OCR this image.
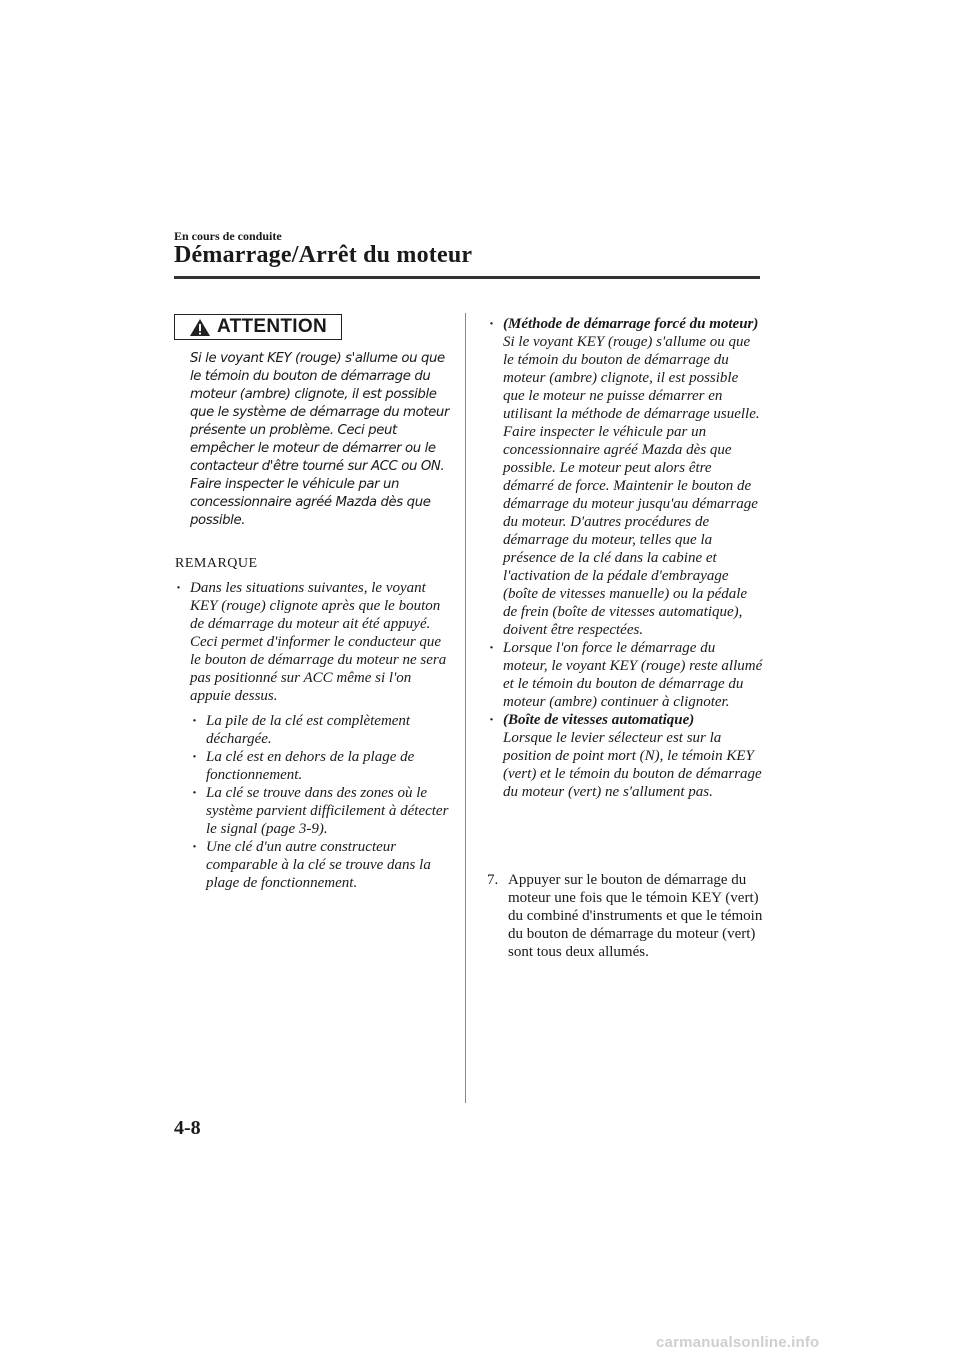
En cours de conduite
Démarrage/Arrêt du moteur
ATTENTION
Si le voyant KEY (rouge) s'allume ou que le témoin du bouton de démarrage du moteur (ambre) clignote, il est possible que le système de démarrage du moteur présente un problème. Ceci peut empêcher le moteur de démarrer ou le contacteur d'être tourné sur ACC ou ON. Faire inspecter le véhicule par un concessionnaire agréé Mazda dès que possible.
REMARQUE
· Dans les situations suivantes, le voyant KEY (rouge) clignote après que le bouton de démarrage du moteur ait été appuyé. Ceci permet d'informer le conducteur que le bouton de démarrage du moteur ne sera pas positionné sur ACC même si l'on appuie dessus.
· La pile de la clé est complètement déchargée.
· La clé est en dehors de la plage de fonctionnement.
· La clé se trouve dans des zones où le système parvient difficilement à détecter le signal (page 3-9).
· Une clé d'un autre constructeur comparable à la clé se trouve dans la plage de fonctionnement.
· (Méthode de démarrage forcé du moteur)
Si le voyant KEY (rouge) s'allume ou que le témoin du bouton de démarrage du moteur (ambre) clignote, il est possible que le moteur ne puisse démarrer en utilisant la méthode de démarrage usuelle. Faire inspecter le véhicule par un concessionnaire agréé Mazda dès que possible. Le moteur peut alors être démarré de force. Maintenir le bouton de démarrage du moteur jusqu'au démarrage du moteur. D'autres procédures de démarrage du moteur, telles que la présence de la clé dans la cabine et l'activation de la pédale d'embrayage (boîte de vitesses manuelle) ou la pédale de frein (boîte de vitesses automatique), doivent être respectées.
· Lorsque l'on force le démarrage du moteur, le voyant KEY (rouge) reste allumé et le témoin du bouton de démarrage du moteur (ambre) continuer à clignoter.
· (Boîte de vitesses automatique)
Lorsque le levier sélecteur est sur la position de point mort (N), le témoin KEY (vert) et le témoin du bouton de démarrage du moteur (vert) ne s'allument pas.
7. Appuyer sur le bouton de démarrage du moteur une fois que le témoin KEY (vert) du combiné d'instruments et que le témoin du bouton de démarrage du moteur (vert) sont tous deux allumés.
4-8
carmanualsonline.info
